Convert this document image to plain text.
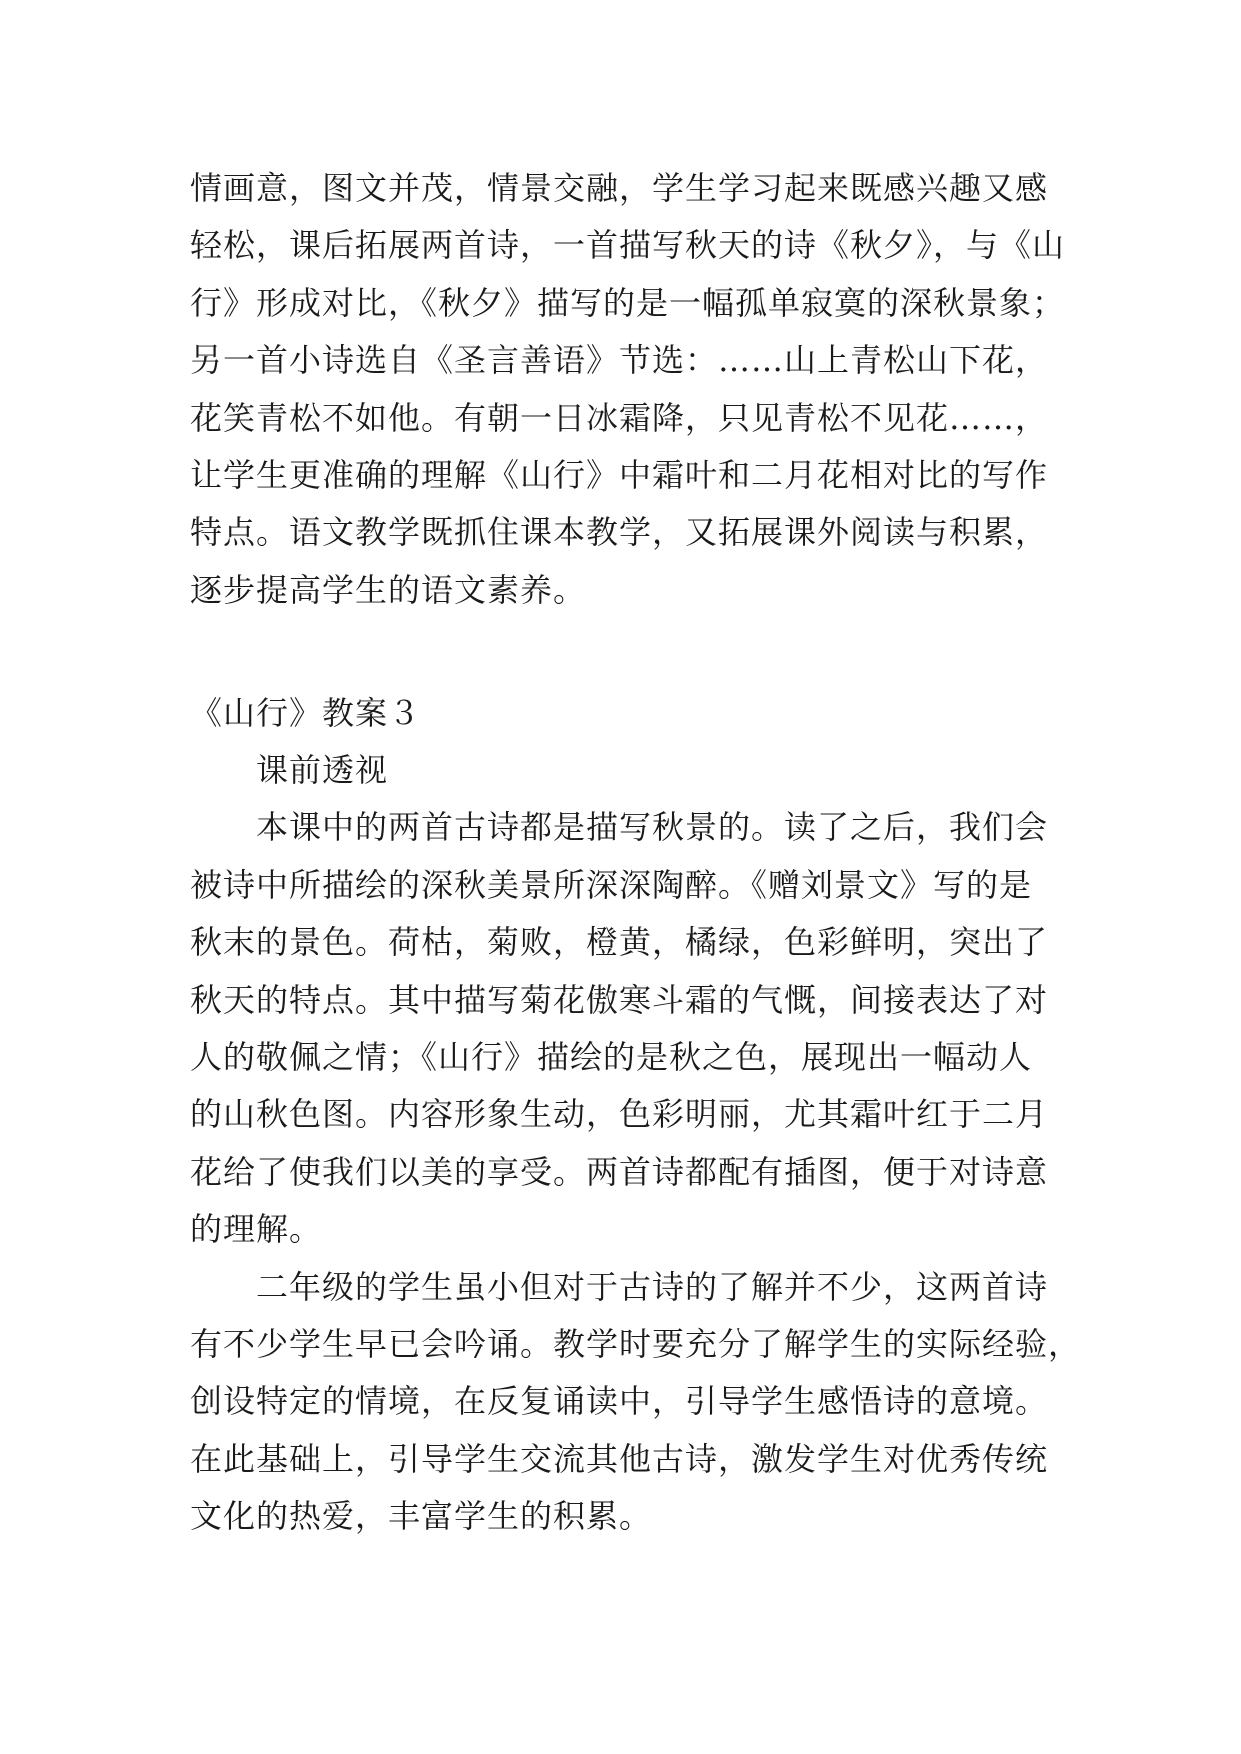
情画意，图文并茂，情景交融，学生学习起来既感兴趣又感
轻松，课后拓展两首诗，一首描写秋天的诗《秋夕》，与《山
行》形成对比，《秋夕》描写的是一幅孤单寂寞的深秋景象；
另一首小诗选自《圣言善语》节选：……山上青松山下花，
花笑青松不如他。有朝一日冰霜降，只见青松不见花……，
让学生更准确的理解《山行》中霜叶和二月花相对比的写作
特点。语文教学既抓住课本教学，又拓展课外阅读与积累，
逐步提高学生的语文素养。
《山行》教案３
课前透视
本课中的两首古诗都是描写秋景的。读了之后，我们会
被诗中所描绘的深秋美景所深深陶醉。《赠刘景文》写的是
秋末的景色。荷枯，菊败，橙黄，橘绿，色彩鲜明，突出了
秋天的特点。其中描写菊花傲寒斗霜的气慨，间接表达了对
人的敬佩之情；《山行》描绘的是秋之色，展现出一幅动人
的山秋色图。内容形象生动，色彩明丽，尤其霜叶红于二月
花给了使我们以美的享受。两首诗都配有插图，便于对诗意
的理解。
二年级的学生虽小但对于古诗的了解并不少，这两首诗
有不少学生早已会吟诵。教学时要充分了解学生的实际经验，
创设特定的情境，在反复诵读中，引导学生感悟诗的意境。
在此基础上，引导学生交流其他古诗，激发学生对优秀传统
文化的热爱，丰富学生的积累。
